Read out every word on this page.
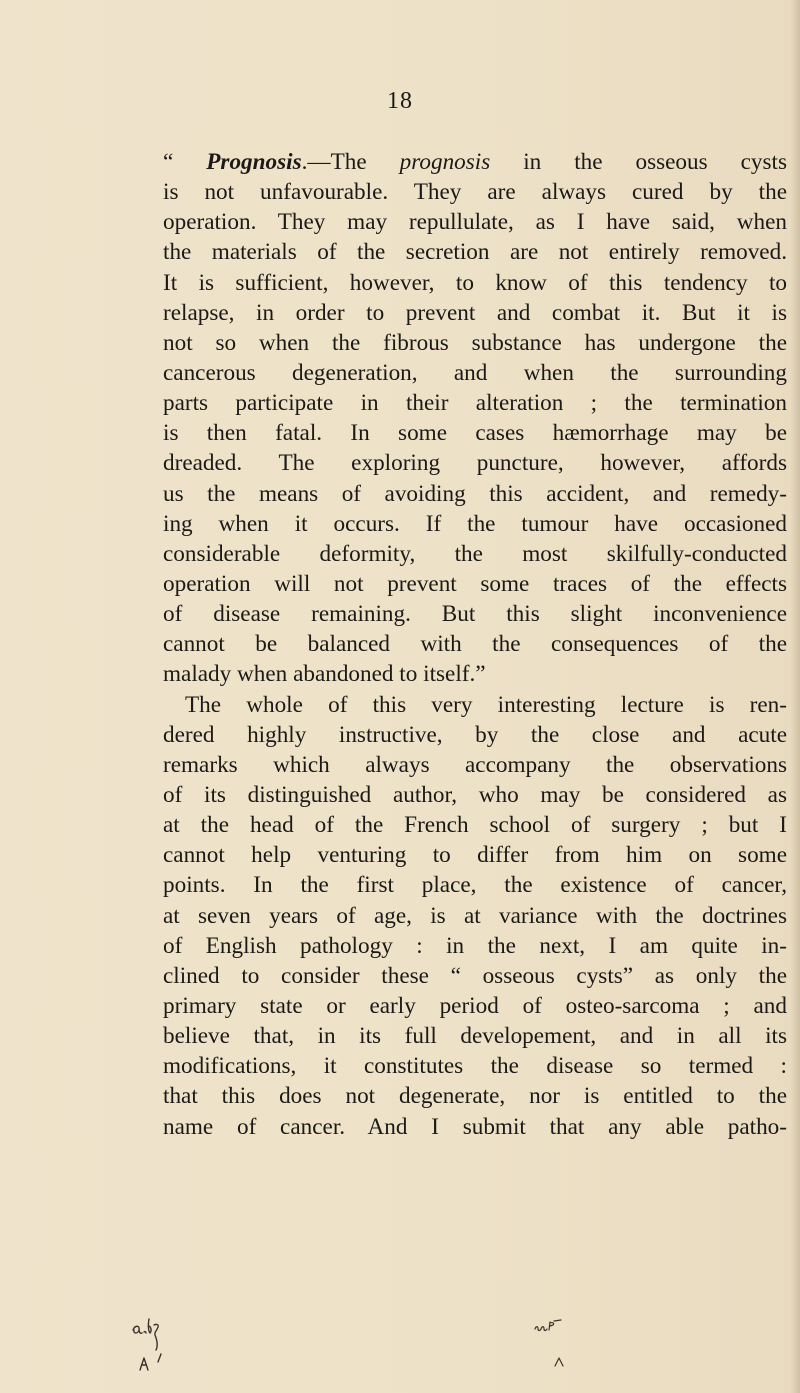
18
“ Prognosis.—The prognosis in the osseous cysts
is not unfavourable. They are always cured by the
operation. They may repullulate, as I have said, when
the materials of the secretion are not entirely removed.
It is sufficient, however, to know of this tendency to
relapse, in order to prevent and combat it. But it is
not so when the fibrous substance has undergone the
cancerous degeneration, and when the surrounding
parts participate in their alteration ; the termination
is then fatal. In some cases hæmorrhage may be
dreaded. The exploring puncture, however, affords
us the means of avoiding this accident, and remedy-
ing when it occurs. If the tumour have occasioned
considerable deformity, the most skilfully-conducted
operation will not prevent some traces of the effects
of disease remaining. But this slight inconvenience
cannot be balanced with the consequences of the
malady when abandoned to itself.”
The whole of this very interesting lecture is ren-
dered highly instructive, by the close and acute
remarks which always accompany the observations
of its distinguished author, who may be considered as
at the head of the French school of surgery ; but I
cannot help venturing to differ from him on some
points. In the first place, the existence of cancer,
at seven years of age, is at variance with the doctrines
of English pathology : in the next, I am quite in-
clined to consider these “ osseous cysts” as only the
primary state or early period of osteo-sarcoma ; and
believe that, in its full developement, and in all its
modifications, it constitutes the disease so termed :
that this does not degenerate, nor is entitled to the
name of cancer. And I submit that any able patho-
